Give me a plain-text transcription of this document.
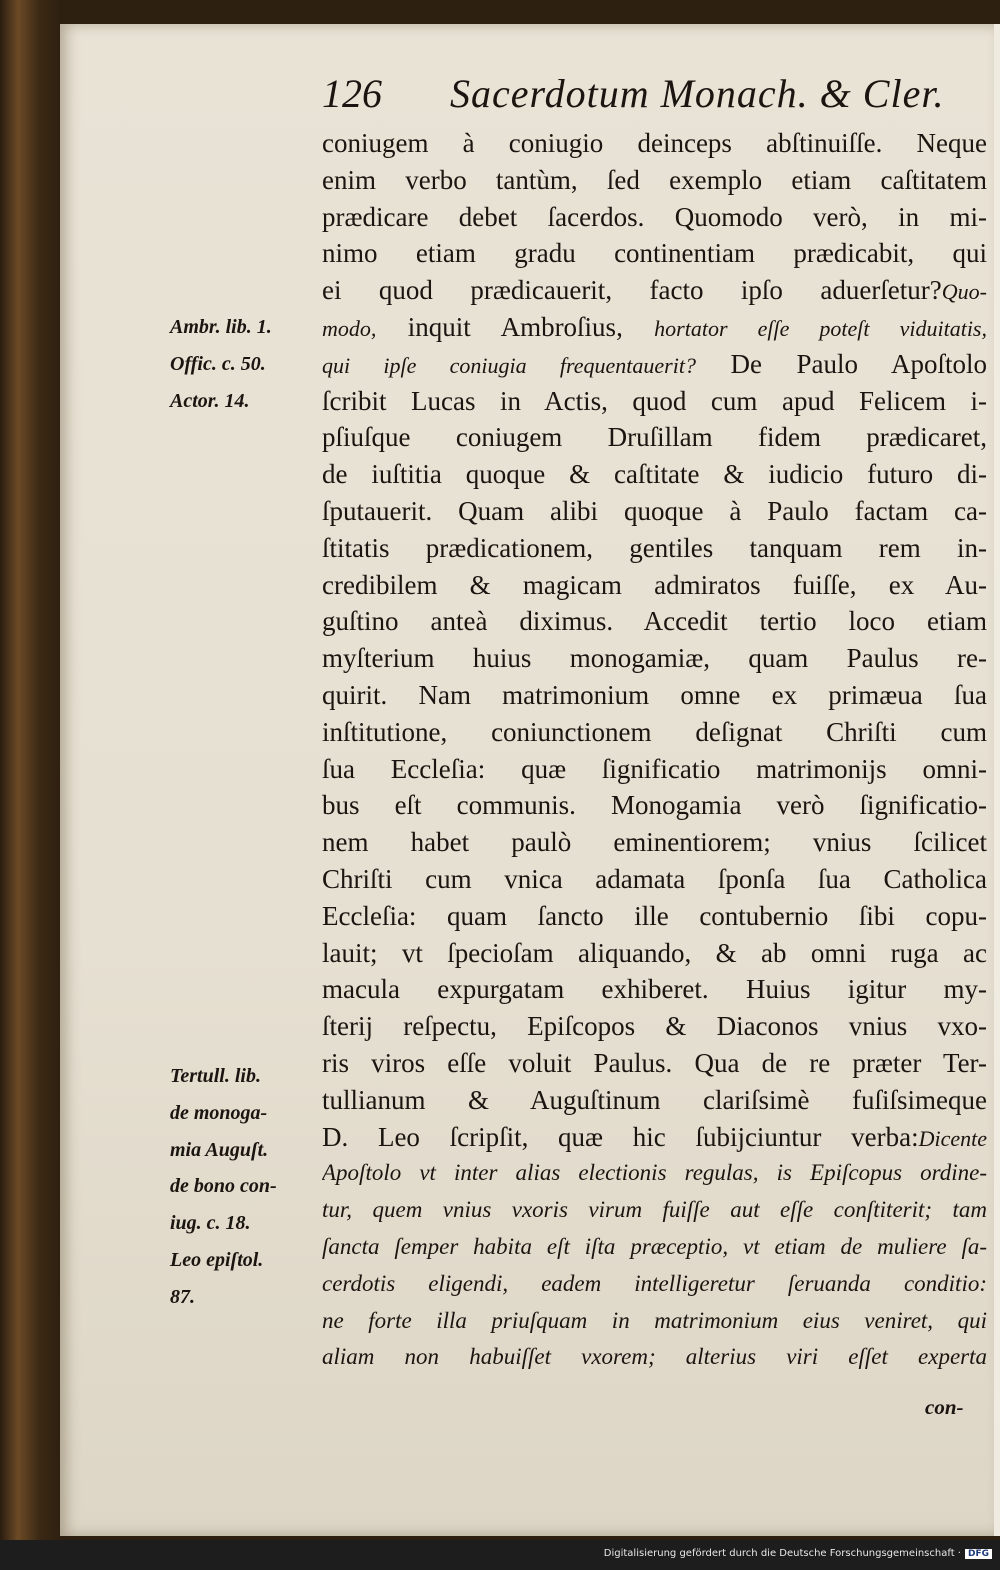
126 Sacerdotum Monach. & Cler.
Ambr. lib. 1.
Offic. c. 50.
Actor. 14.
Tertull. lib.
de monoga-
mia Auguſt.
de bono con-
iug. c. 18.
Leo epiſtol.
87.
coniugem à coniugio deinceps abſtinuiſſe. Neque
enim verbo tantùm, ſed exemplo etiam caſtitatem
prædicare debet ſacerdos. Quomodo verò, in mi-
nimo etiam gradu continentiam prædicabit, qui
ei quod prædicauerit, facto ipſo aduerſetur?Quo-
modo, inquit Ambroſius, hortator eſſe poteſt viduitatis,
qui ipſe coniugia frequentauerit? De Paulo Apoſtolo
ſcribit Lucas in Actis, quod cum apud Felicem i-
pſiuſque coniugem Druſillam fidem prædicaret,
de iuſtitia quoque & caſtitate & iudicio futuro di-
ſputauerit. Quam alibi quoque à Paulo factam ca-
ſtitatis prædicationem, gentiles tanquam rem in-
credibilem & magicam admiratos fuiſſe, ex Au-
guſtino anteà diximus. Accedit tertio loco etiam
myſterium huius monogamiæ, quam Paulus re-
quirit. Nam matrimonium omne ex primæua ſua
inſtitutione, coniunctionem deſignat Chriſti cum
ſua Eccleſia: quæ ſignificatio matrimonijs omni-
bus eſt communis. Monogamia verò ſignificatio-
nem habet paulò eminentiorem; vnius ſcilicet
Chriſti cum vnica adamata ſponſa ſua Catholica
Eccleſia: quam ſancto ille contubernio ſibi copu-
lauit; vt ſpecioſam aliquando, & ab omni ruga ac
macula expurgatam exhiberet. Huius igitur my-
ſterij reſpectu, Epiſcopos & Diaconos vnius vxo-
ris viros eſſe voluit Paulus. Qua de re præter Ter-
tullianum & Auguſtinum clariſsimè fuſiſsimeque
D. Leo ſcripſit, quæ hic ſubijciuntur verba:Dicente
Apoſtolo vt inter alias electionis regulas, is Epiſcopus ordine-
tur, quem vnius vxoris virum fuiſſe aut eſſe conſtiterit; tam
ſancta ſemper habita eſt iſta præceptio, vt etiam de muliere ſa-
cerdotis eligendi, eadem intelligeretur ſeruanda conditio:
ne forte illa priuſquam in matrimonium eius veniret, qui
aliam non habuiſſet vxorem; alterius viri eſſet experta
con-
Digitalisierung gefördert durch die Deutsche Forschungsgemeinschaft · DFG
